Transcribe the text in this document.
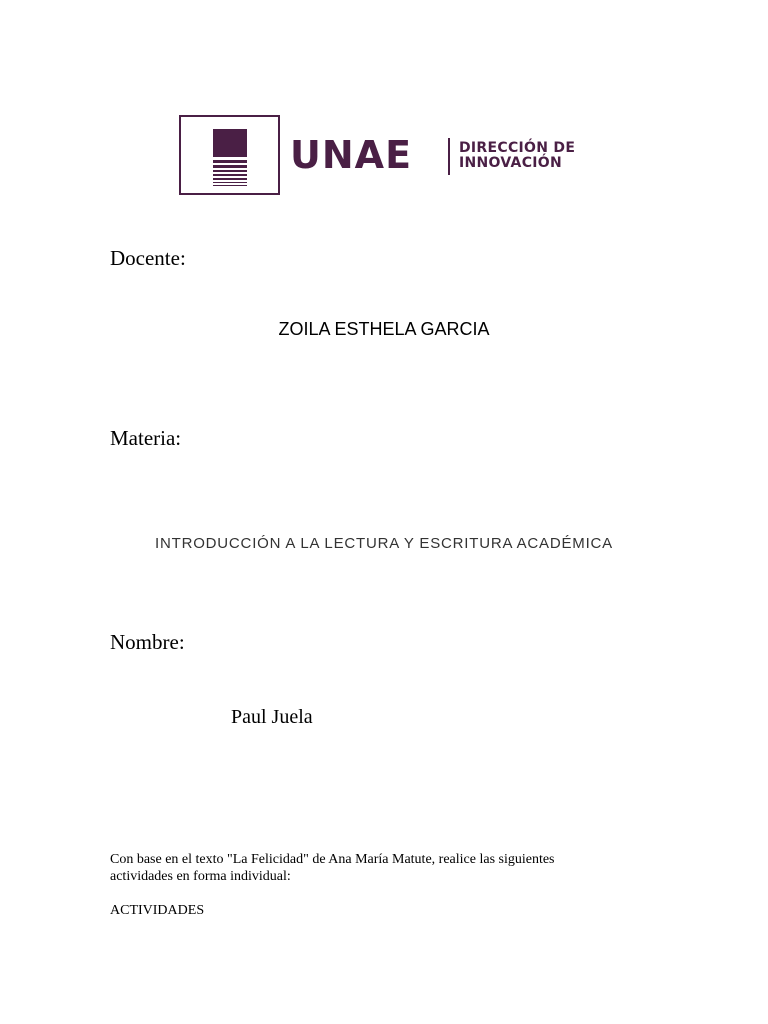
UNAE	DIRECCIÓN DE
INNOVACIÓN
Docente:
ZOILA ESTHELA GARCIA
Materia:
INTRODUCCIÓN A LA LECTURA Y ESCRITURA ACADÉMICA
Nombre:
Paul Juela
Con base en el texto "La Felicidad" de Ana María Matute, realice las siguientes
actividades en forma individual:
ACTIVIDADES
